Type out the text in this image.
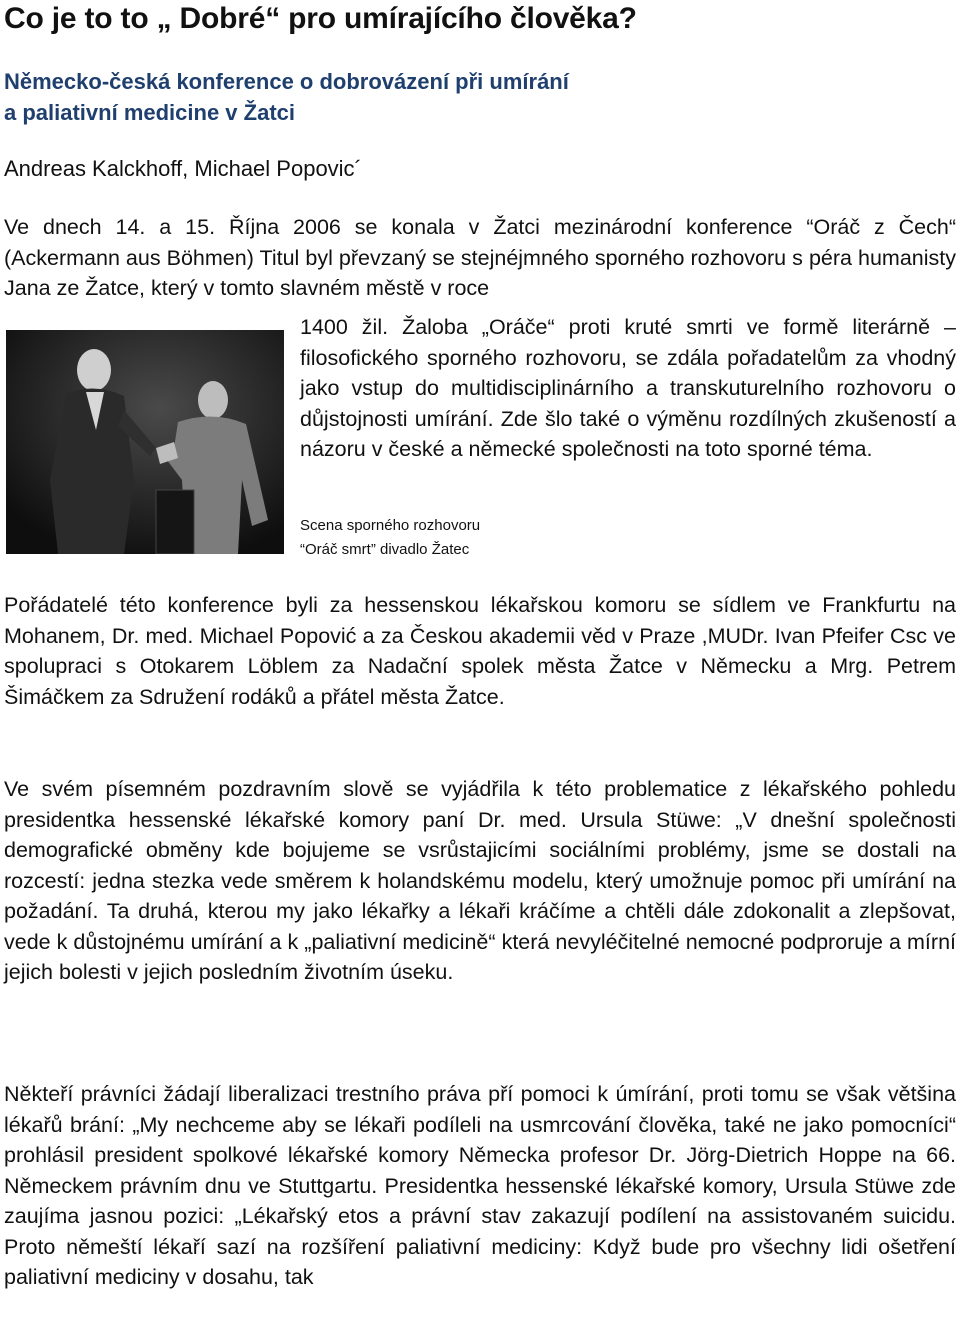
Co je to to „ Dobré“ pro umírajícího člověka?
Německo-česká konference o dobrovázení při umírání
a paliativní medicine v Žatci
Andreas Kalckhoff, Michael Popovic´

Ve dnech 14. a 15. Října 2006 se konala v Žatci mezinárodní konference “Oráč z Čech“ (Ackermann aus Böhmen) Titul byl převzaný se stejnéjmného sporného rozhovoru s péra humanisty Jana ze Žatce, který v tomto slavném městě v roce

1400 žil. Žaloba „Oráče“ proti kruté smrti ve formě literárně – filosofického sporného rozhovoru, se zdála pořadatelům za vhodný jako vstup do multidisciplinárního a transkuturelního rozhovoru o důjstojnosti umírání. Zde šlo také o výměnu rozdílných zkušeností a názoru v české a německé společnosti na toto sporné téma.

Scena sporného rozhovoru “Oráč smrt” divadlo Žatec

Pořádatelé této konference byli za hessenskou lékařskou komoru se sídlem ve Frankfurtu na Mohanem, Dr. med. Michael Popović a za Českou akademii věd v Praze ,MUDr. Ivan Pfeifer Csc ve spolupraci s Otokarem Löblem za Nadační spolek města Žatce v Německu a Mrg. Petrem Šimáčkem za Sdružení rodáků a přátel města Žatce.

Ve svém písemném pozdravním slově se vyjádřila k této problematice z lékařského pohledu presidentka hessenské lékařské komory paní Dr. med. Ursula Stüwe: „V dnešní společnosti demografické obměny kde bojujeme se vsrůstajicími sociálními problémy, jsme se dostali na rozcestí: jedna stezka vede směrem k holandskému modelu, který umožnuje pomoc při umírání na požadání. Ta druhá, kterou my jako lékařky a lékaři kráčíme a chtěli dále zdokonalit a zlepšovat, vede k důstojnému umírání a k „paliativní medicině“ která nevyléčitelné nemocné podproruje a mírní jejich bolesti v jejich posledním životním úseku.

Někteří právníci žádají liberalizaci trestního práva pří pomoci k úmírání, proti tomu se však většina lékařů brání: „My nechceme aby se lékaři podíleli na usmrcování člověka, také ne jako pomocníci“ prohlásil president spolkové lékařské komory Německa profesor Dr. Jörg-Dietrich Hoppe na 66. Německem právním dnu ve Stuttgartu. Presidentka hessenské lékařské komory, Ursula Stüwe zde zaujíma jasnou pozici: „Lékařský etos a právní stav zakazují podílení na assistovaném suicidu. Proto němeští lékaří sazí na rozšíření paliativní mediciny: Když bude pro všechny lidi ošetření paliativní mediciny v dosahu, tak
